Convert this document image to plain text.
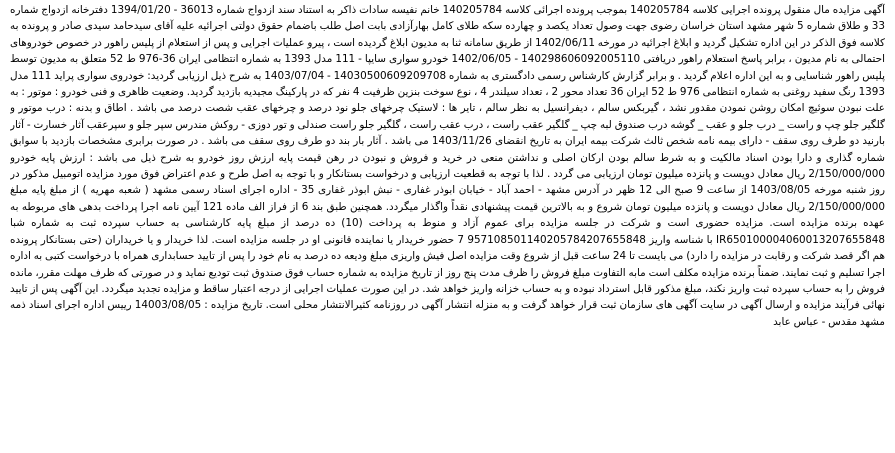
آگهی مزایده مال منقول پرونده اجرایی کلاسه 140205784 بموجب پرونده اجرائی کلاسه 140205784 خانم نفیسه سادات ذاکر به استناد سند ازدواج شماره 36013 - 1394/01/20 دفترخانه ازدواج شماره 33 و طلاق شماره 5 شهر مشهد استان خراسان رضوی جهت وصول تعداد یکصد و چهارده سکه طلای کامل بهارآزادی بابت اصل طلب باضمام حقوق دولتی اجرائیه علیه آقای سیدحامد سیدی صادر و پرونده به کلاسه فوق الذکر در این اداره تشکیل گردید و ابلاغ اجرائیه در مورخه 1402/06/11 از طریق سامانه ثنا به مدیون ابلاغ گردیده است ، پیرو عملیات اجرایی و پس از استعلام از پلیس راهور در خصوص خودروهای احتمالی به نام مدیون ، برابر پاسخ استعلام راهور دریافتی 140298606092005110 - 1402/06/05 خودرو سواری سایپا - 111 مدل 1393 به شماره انتظامی ایران 36-976 ط 52 متعلق به مدیون توسط پلیس راهور شناسایی و به این اداره اعلام گردید . و برابر گزارش کارشناس رسمی دادگستری به شماره 14030500609209708 - 1403/07/04 به شرح ذیل ارزیابی گردید: خودروی سواری پراید 111 مدل 1393 رنگ سفید روغنی به شماره انتظامی 976 ط 52 ایران 36 تعداد محور 2 ، تعداد سیلندر 4 ، نوع سوخت بنزین ظرفیت 4 نفر که در پارکینگ مجیدیه بازدید گردید. وضعیت ظاهری و فنی خودرو : موتور : به علت نبودن سوئیچ امکان روشن نمودن مقدور نشد ، گیربکس سالم ، دیفرانسیل به نظر سالم ، تایر ها : لاستیک چرخهای جلو نود درصد و چرخهای عقب شصت درصد می باشد . اطاق و بدنه : درب موتور و گلگیر جلو چپ و راست _ درب جلو و عقب _ گوشه درب صندوق لبه چپ _ گلگیر عقب راست ، درب عقب راست ، گلگیر جلو راست صندلی و تور دوزی - روکش مندرس سپر جلو و سپرعقب آثار خسارت - آثار بارنید دو طرف روی سقف - دارای بیمه نامه شخص ثالث شرکت بیمه ایران به تاریخ انقضای 1403/11/26 می باشد . آثار بار بند دو طرف روی سقف می باشد . در صورت برابری مشخصات بازدید با سوابق شماره گذاری و دارا بودن اسناد مالکیت و به شرط سالم بودن ارکان اصلی و نداشتن منعی در خرید و فروش و نبودن در رهن قیمت پایه ارزش روز خودرو به شرح ذیل می باشد : ارزش پایه خودرو 2/150/000/000 ریال معادل دویست و پانزده میلیون تومان ارزیابی می گردد . لذا با توجه به قطعیت ارزیابی و درخواست بستانکار و با توجه به اصل طرح و عدم اعتراض فوق مورد مزایده اتومبیل مذکور در روز شنبه مورخه 1403/08/05 از ساعت 9 صبح الی 12 ظهر در آدرس مشهد - احمد آباد - خیابان ابوذر غفاری - نبش ابوذر غفاری 35 - اداره اجرای اسناد رسمی مشهد ( شعبه مهریه ) از مبلغ پایه مبلغ 2/150/000/000 ریال معادل دویست و پانزده میلیون تومان شروع و به بالاترین قیمت پیشنهادی نقداً واگذار میگردد. همچنین طبق بند 6 از فراز الف ماده 121 آیین نامه اجرا پرداخت بدهی های مربوطه به عهده برنده مزایده است. مزایده حضوری است و شرکت در جلسه مزایده برای عموم آزاد و منوط به پرداخت (10) ده درصد از مبلغ پایه کارشناسی به حساب سپرده ثبت به شماره شبا IR650100004060013207655848 با شناسه واریز 957108501140205784207655848 7 حضور خریدار یا نماینده قانونی او در جلسه مزایده است. لذا خریدار و یا خریداران (حتی بستانکار پرونده هم اگر قصد شرکت و رقابت در مزایده را دارد) می بایست تا 24 ساعت قبل از شروع وقت مزایده اصل فیش واریزی مبلغ ودیعه ده درصد به نام خود را پس از تایید حسابداری همراه با درخواست کتبی به اداره اجرا تسلیم و ثبت نمایند. ضمناً برنده مزایده مکلف است مابه التفاوت مبلغ فروش را ظرف مدت پنج روز از تاریخ مزایده به شماره حساب فوق صندوق ثبت تودیع نماید و در صورتی که ظرف مهلت مقرر، مانده فروش را به حساب سپرده ثبت واریز نکند، مبلغ مذکور قابل استرداد نبوده و به حساب خزانه واریز خواهد شد. در این صورت عملیات اجرایی از درجه اعتبار ساقط و مزایده تجدید میگردد. این آگهی پس از تایید نهائی فرآیند مزایده و ارسال آگهی در سایت آگهی های سازمان ثبت قرار خواهد گرفت و به منزله انتشار آگهی در روزنامه کثیرالانتشار محلی است. تاریخ مزایده : 14003/08/05 رییس اداره اجرای اسناد ذمه مشهد مقدس - عباس عابد
